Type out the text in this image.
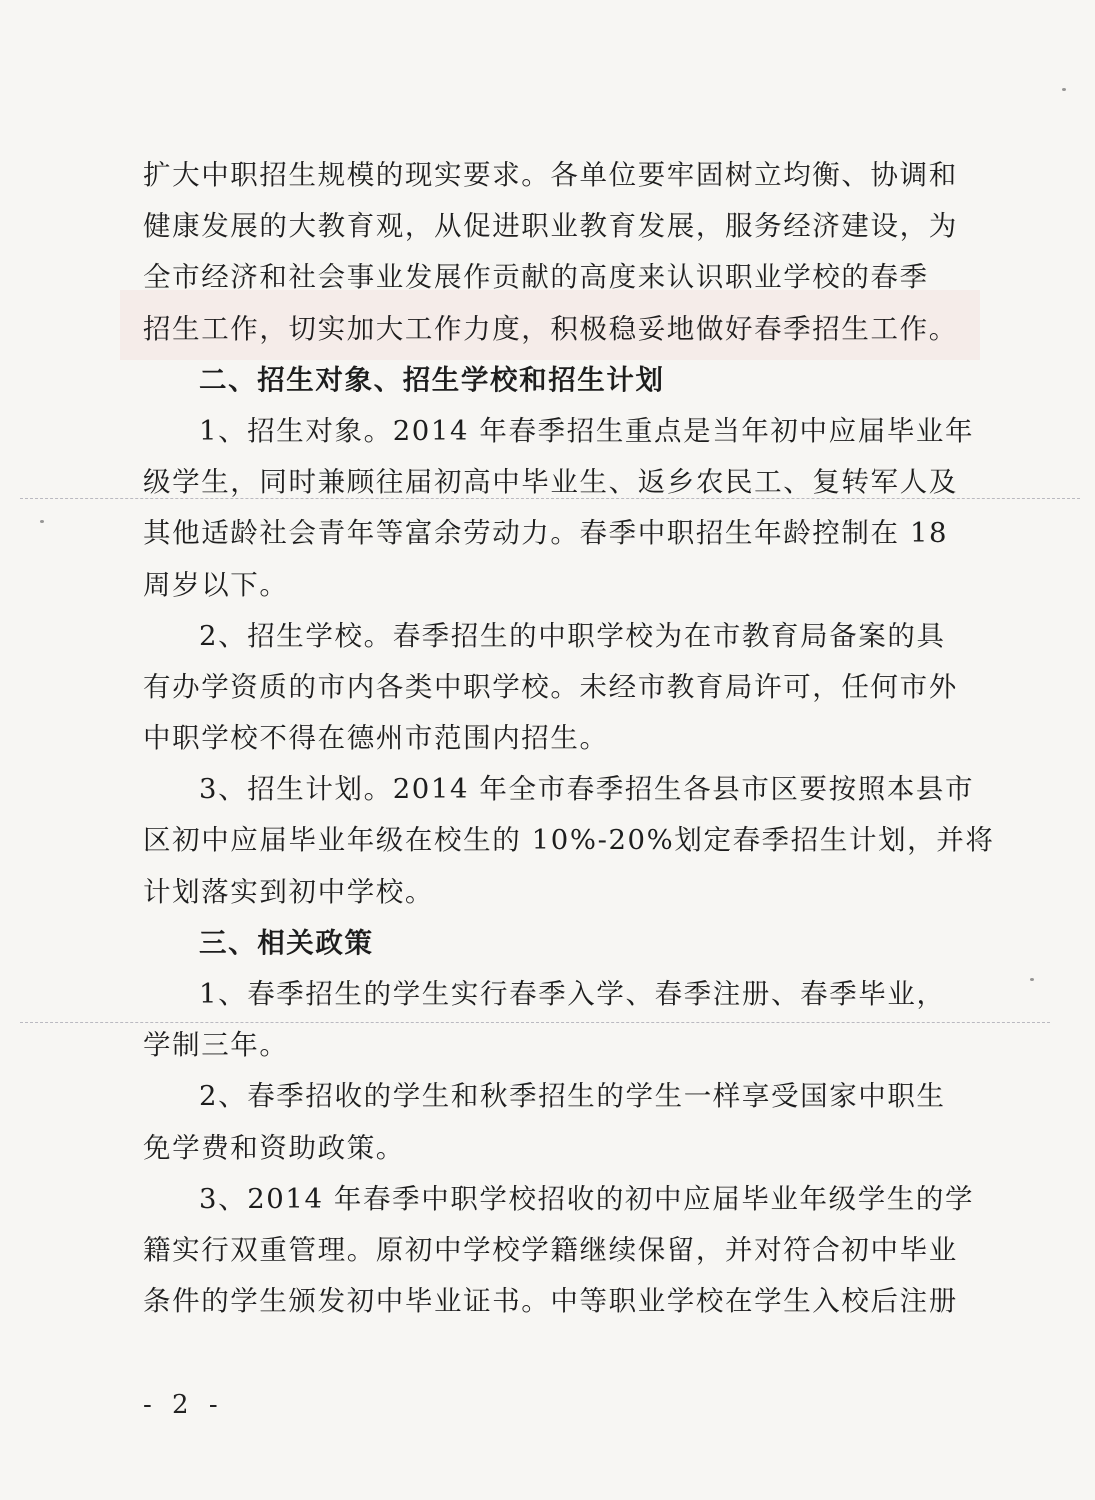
扩大中职招生规模的现实要求。各单位要牢固树立均衡、协调和
健康发展的大教育观，从促进职业教育发展，服务经济建设，为
全市经济和社会事业发展作贡献的高度来认识职业学校的春季
招生工作，切实加大工作力度，积极稳妥地做好春季招生工作。
二、招生对象、招生学校和招生计划
1、招生对象。2014 年春季招生重点是当年初中应届毕业年
级学生，同时兼顾往届初高中毕业生、返乡农民工、复转军人及
其他适龄社会青年等富余劳动力。春季中职招生年龄控制在 18
周岁以下。
2、招生学校。春季招生的中职学校为在市教育局备案的具
有办学资质的市内各类中职学校。未经市教育局许可，任何市外
中职学校不得在德州市范围内招生。
3、招生计划。2014 年全市春季招生各县市区要按照本县市
区初中应届毕业年级在校生的 10%-20%划定春季招生计划，并将
计划落实到初中学校。
三、相关政策
1、春季招生的学生实行春季入学、春季注册、春季毕业，
学制三年。
2、春季招收的学生和秋季招生的学生一样享受国家中职生
免学费和资助政策。
3、2014 年春季中职学校招收的初中应届毕业年级学生的学
籍实行双重管理。原初中学校学籍继续保留，并对符合初中毕业
条件的学生颁发初中毕业证书。中等职业学校在学生入校后注册
- 2 -
